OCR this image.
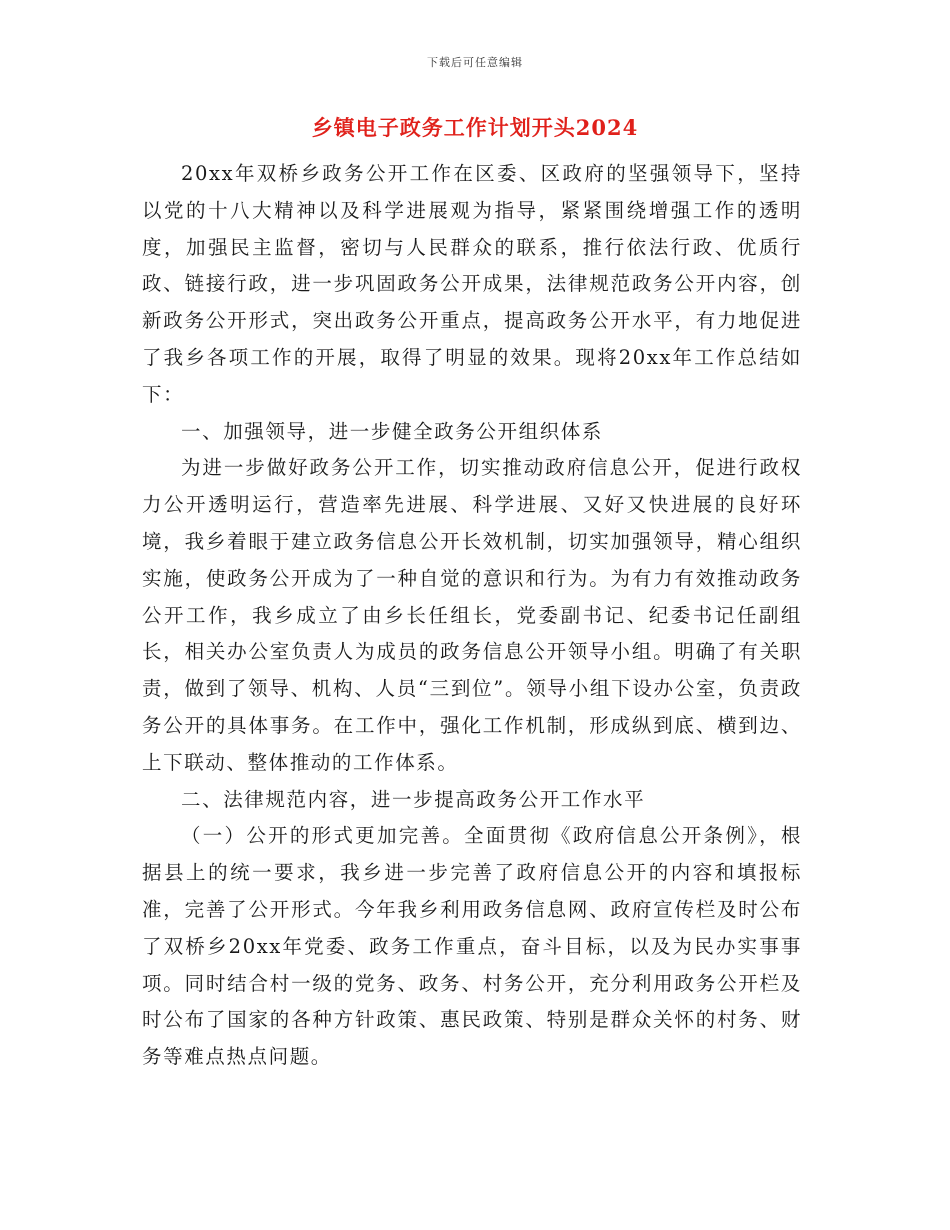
下载后可任意编辑
乡镇电子政务工作计划开头2024

20xx年双桥乡政务公开工作在区委、区政府的坚强领导下，坚持以党的十八大精神以及科学进展观为指导，紧紧围绕增强工作的透明度，加强民主监督，密切与人民群众的联系，推行依法行政、优质行政、链接行政，进一步巩固政务公开成果，法律规范政务公开内容，创新政务公开形式，突出政务公开重点，提高政务公开水平，有力地促进了我乡各项工作的开展，取得了明显的效果。现将20xx年工作总结如下：

一、加强领导，进一步健全政务公开组织体系

为进一步做好政务公开工作，切实推动政府信息公开，促进行政权力公开透明运行，营造率先进展、科学进展、又好又快进展的良好环境，我乡着眼于建立政务信息公开长效机制，切实加强领导，精心组织实施，使政务公开成为了一种自觉的意识和行为。为有力有效推动政务公开工作，我乡成立了由乡长任组长，党委副书记、纪委书记任副组长，相关办公室负责人为成员的政务信息公开领导小组。明确了有关职责，做到了领导、机构、人员“三到位”。领导小组下设办公室，负责政务公开的具体事务。在工作中，强化工作机制，形成纵到底、横到边、上下联动、整体推动的工作体系。

二、法律规范内容，进一步提高政务公开工作水平

（一）公开的形式更加完善。全面贯彻《政府信息公开条例》，根据县上的统一要求，我乡进一步完善了政府信息公开的内容和填报标准，完善了公开形式。今年我乡利用政务信息网、政府宣传栏及时公布了双桥乡20xx年党委、政务工作重点，奋斗目标，以及为民办实事事项。同时结合村一级的党务、政务、村务公开，充分利用政务公开栏及时公布了国家的各种方针政策、惠民政策、特别是群众关怀的村务、财务等难点热点问题。
